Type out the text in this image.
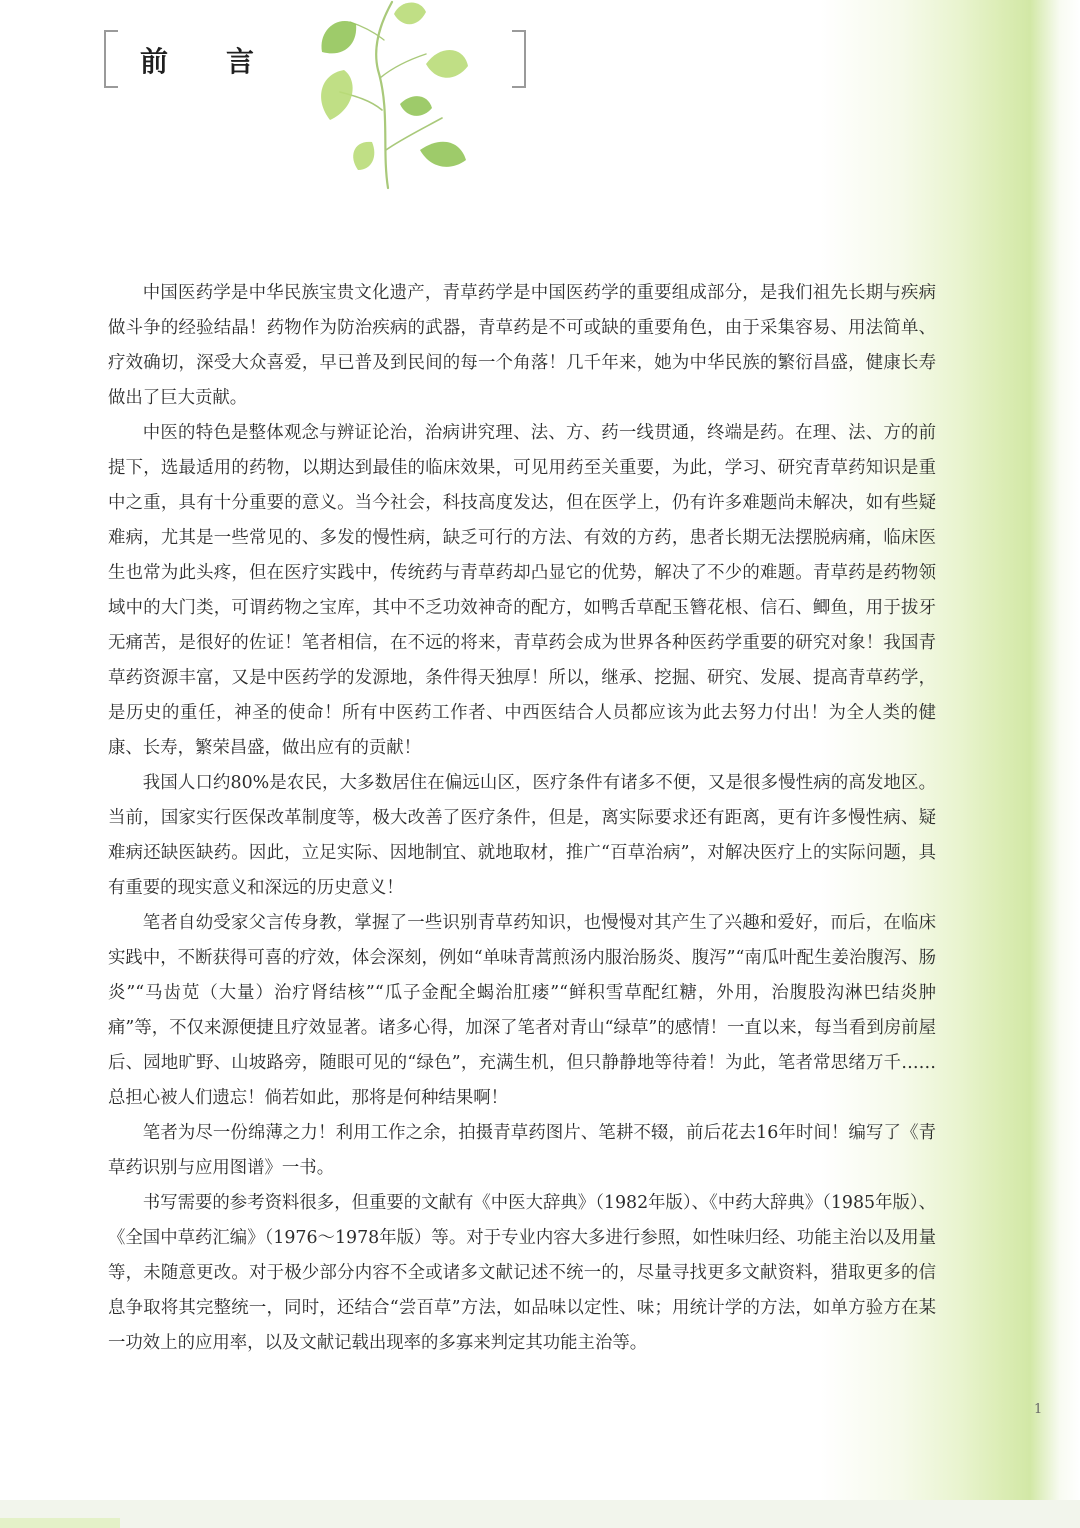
前言

中国医药学是中华民族宝贵文化遗产，青草药学是中国医药学的重要组成部分，是我们祖先长期与疾病做斗争的经验结晶！药物作为防治疾病的武器，青草药是不可或缺的重要角色，由于采集容易、用法简单、疗效确切，深受大众喜爱，早已普及到民间的每一个角落！几千年来，她为中华民族的繁衍昌盛，健康长寿做出了巨大贡献。

中医的特色是整体观念与辨证论治，治病讲究理、法、方、药一线贯通，终端是药。在理、法、方的前提下，选最适用的药物，以期达到最佳的临床效果，可见用药至关重要，为此，学习、研究青草药知识是重中之重，具有十分重要的意义。当今社会，科技高度发达，但在医学上，仍有许多难题尚未解决，如有些疑难病，尤其是一些常见的、多发的慢性病，缺乏可行的方法、有效的方药，患者长期无法摆脱病痛，临床医生也常为此头疼，但在医疗实践中，传统药与青草药却凸显它的优势，解决了不少的难题。青草药是药物领域中的大门类，可谓药物之宝库，其中不乏功效神奇的配方，如鸭舌草配玉簪花根、信石、鲫鱼，用于拔牙无痛苦，是很好的佐证！笔者相信，在不远的将来，青草药会成为世界各种医药学重要的研究对象！我国青草药资源丰富，又是中医药学的发源地，条件得天独厚！所以，继承、挖掘、研究、发展、提高青草药学，是历史的重任，神圣的使命！所有中医药工作者、中西医结合人员都应该为此去努力付出！为全人类的健康、长寿，繁荣昌盛，做出应有的贡献！

我国人口约80%是农民，大多数居住在偏远山区，医疗条件有诸多不便，又是很多慢性病的高发地区。当前，国家实行医保改革制度等，极大改善了医疗条件，但是，离实际要求还有距离，更有许多慢性病、疑难病还缺医缺药。因此，立足实际、因地制宜、就地取材，推广“百草治病”，对解决医疗上的实际问题，具有重要的现实意义和深远的历史意义！

笔者自幼受家父言传身教，掌握了一些识别青草药知识，也慢慢对其产生了兴趣和爱好，而后，在临床实践中，不断获得可喜的疗效，体会深刻，例如“单味青蒿煎汤内服治肠炎、腹泻”“南瓜叶配生姜治腹泻、肠炎”“马齿苋（大量）治疗肾结核”“瓜子金配全蝎治肛瘘”“鲜积雪草配红糖，外用，治腹股沟淋巴结炎肿痛”等，不仅来源便捷且疗效显著。诸多心得，加深了笔者对青山“绿草”的感情！一直以来，每当看到房前屋后、园地旷野、山坡路旁，随眼可见的“绿色”，充满生机，但只静静地等待着！为此，笔者常思绪万千……总担心被人们遗忘！倘若如此，那将是何种结果啊！

笔者为尽一份绵薄之力！利用工作之余，拍摄青草药图片、笔耕不辍，前后花去16年时间！编写了《青草药识别与应用图谱》一书。

书写需要的参考资料很多，但重要的文献有《中医大辞典》（1982年版）、《中药大辞典》（1985年版）、《全国中草药汇编》（1976～1978年版）等。对于专业内容大多进行参照，如性味归经、功能主治以及用量等，未随意更改。对于极少部分内容不全或诸多文献记述不统一的，尽量寻找更多文献资料，猎取更多的信息争取将其完整统一，同时，还结合“尝百草”方法，如品味以定性、味；用统计学的方法，如单方验方在某一功效上的应用率，以及文献记载出现率的多寡来判定其功能主治等。

1
